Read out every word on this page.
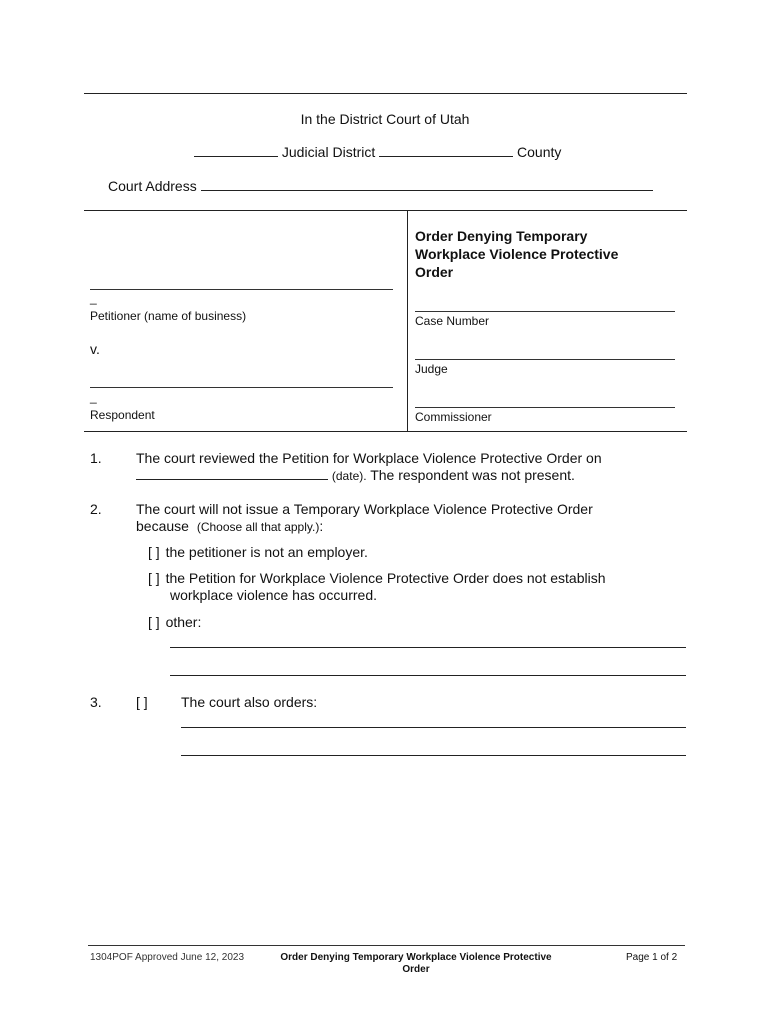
In the District Court of Utah
Judicial District	County
Court Address
_
Petitioner (name of business)
v.
_
Respondent
Order Denying Temporary
Workplace Violence Protective
Order
Case Number
Judge
Commissioner
1. The court reviewed the Petition for Workplace Violence Protective Order on
(date). The respondent was not present.
2. The court will not issue a Temporary Workplace Violence Protective Order
because (Choose all that apply.):
[ ] the petitioner is not an employer.
[ ] the Petition for Workplace Violence Protective Order does not establish
workplace violence has occurred.
[ ] other:
3. [ ] The court also orders:
1304POF Approved June 12, 2023	Order Denying Temporary Workplace Violence Protective
Order
Page 1 of 2
